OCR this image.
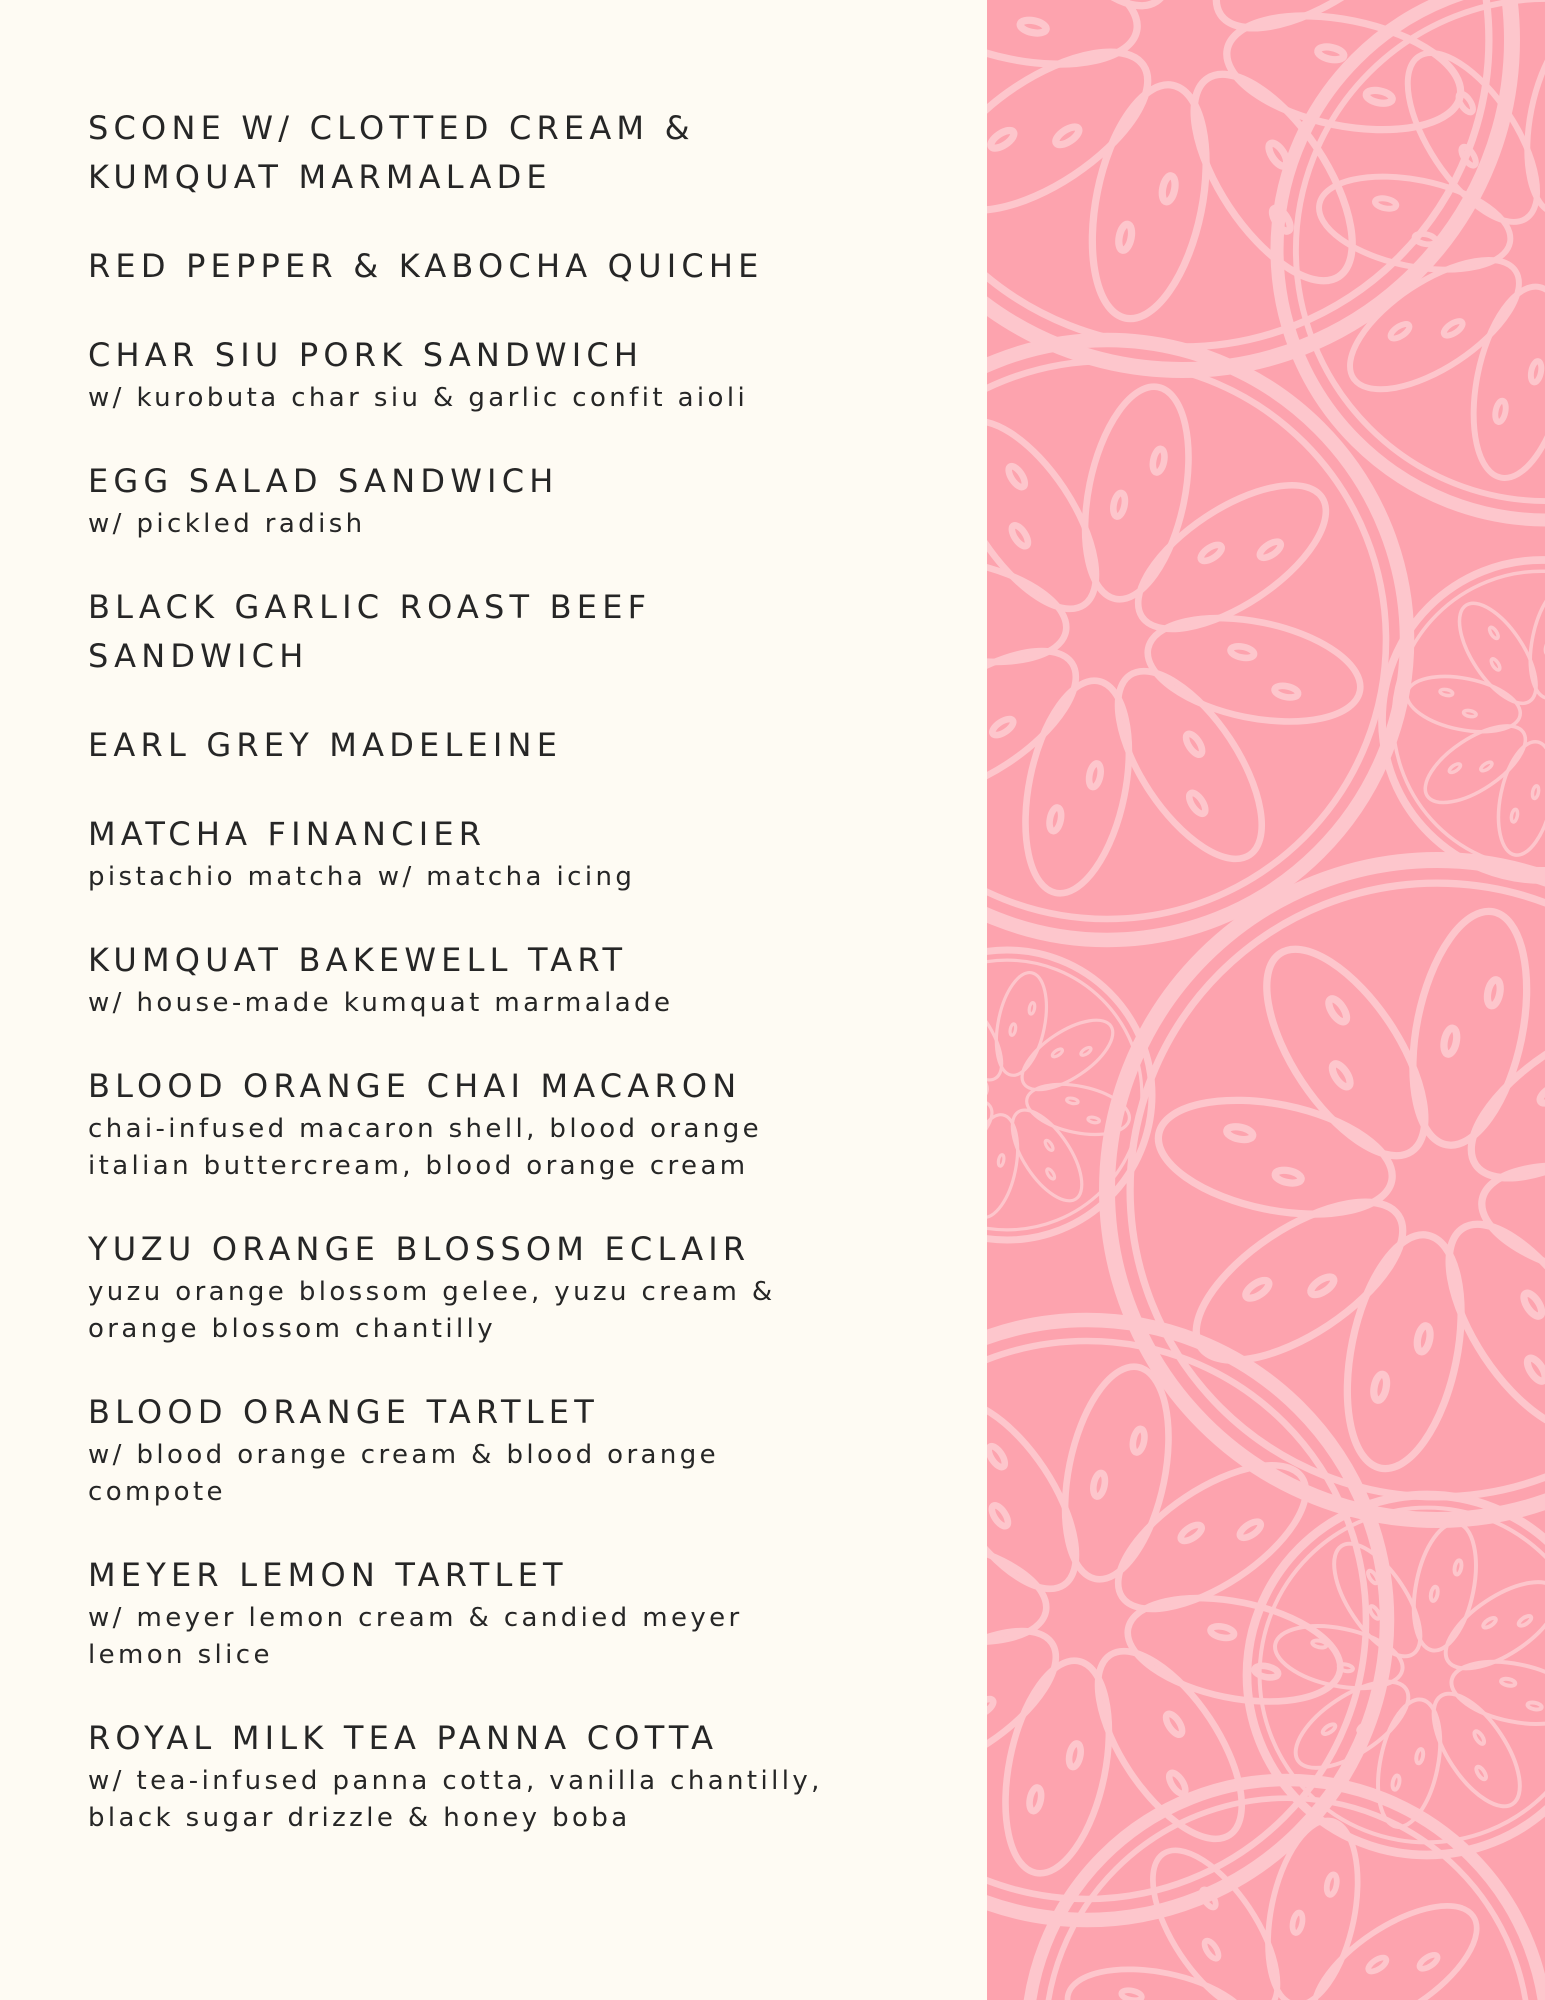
SCONE W/ CLOTTED CREAM &
KUMQUAT MARMALADE

RED PEPPER & KABOCHA QUICHE

CHAR SIU PORK SANDWICH

w/ kurobuta char siu & garlic confit aioli

EGG SALAD SANDWICH

w/ pickled radish

BLACK GARLIC ROAST BEEF
SANDWICH

EARL GREY MADELEINE

MATCHA FINANCIER

pistachio matcha w/ matcha icing

KUMQUAT BAKEWELL TART

w/ house-made kumquat marmalade

BLOOD ORANGE CHAI MACARON

chai-infused macaron shell, blood orange
italian buttercream, blood orange cream

YUZU ORANGE BLOSSOM ECLAIR

yuzu orange blossom gelee, yuzu cream &
orange blossom chantilly

BLOOD ORANGE TARTLET

w/ blood orange cream & blood orange
compote

MEYER LEMON TARTLET

w/ meyer lemon cream & candied meyer
lemon slice

ROYAL MILK TEA PANNA COTTA

w/ tea-infused panna cotta, vanilla chantilly,
black sugar drizzle & honey boba
